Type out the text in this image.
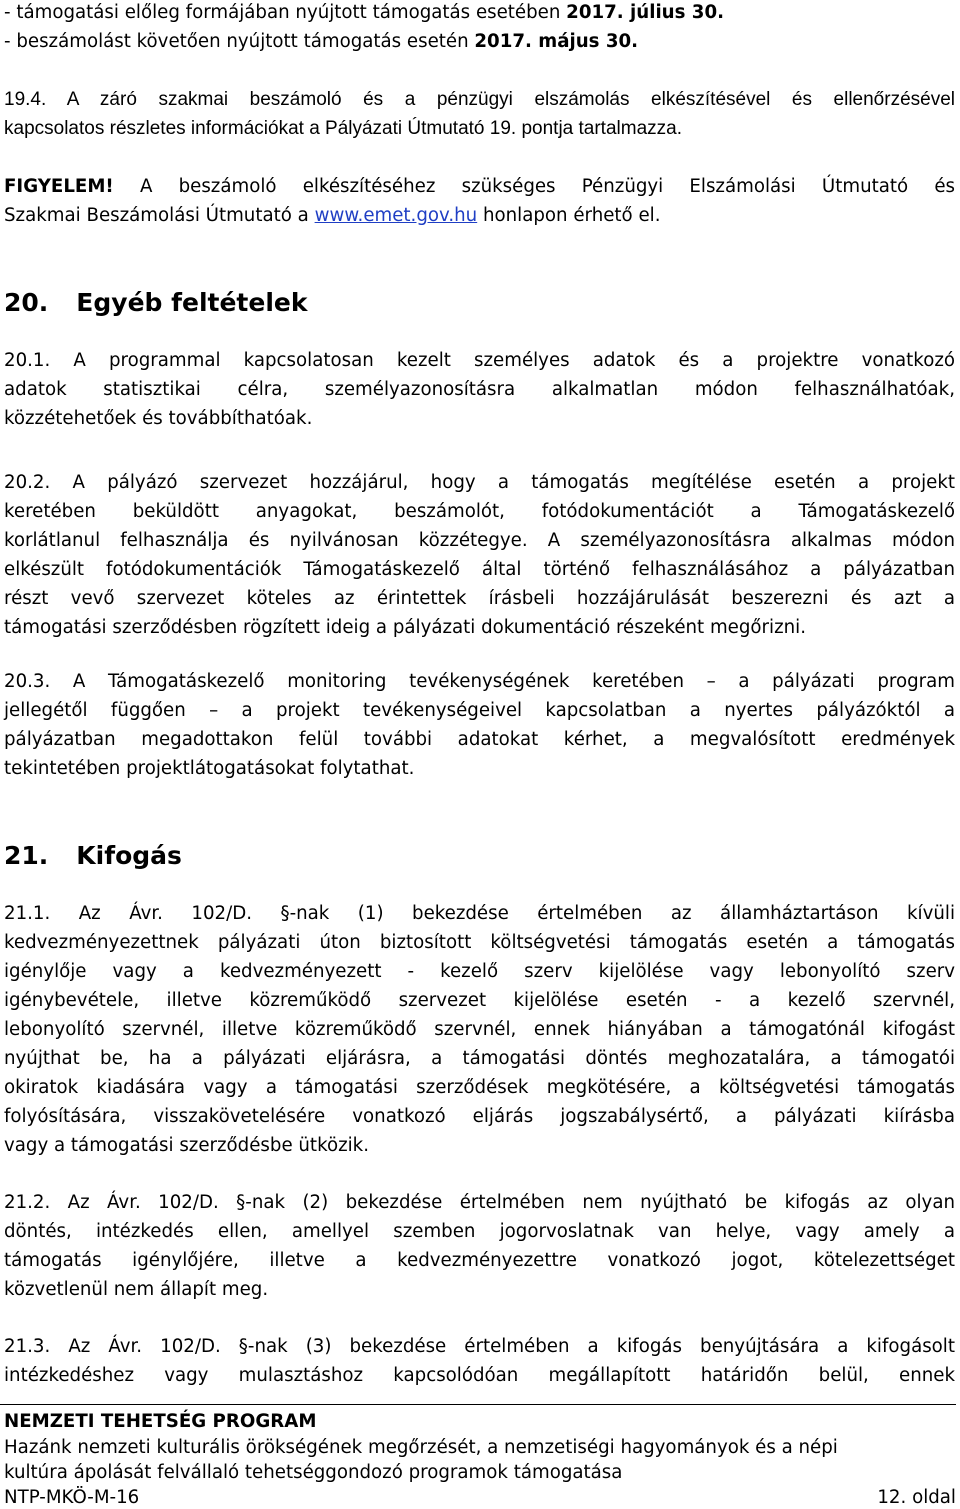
- támogatási előleg formájában nyújtott támogatás esetében 2017. július 30.
- beszámolást követően nyújtott támogatás esetén 2017. május 30.
19.4. A záró szakmai beszámoló és a pénzügyi elszámolás elkészítésével és ellenőrzésével
kapcsolatos részletes információkat a Pályázati Útmutató 19. pontja tartalmazza.
FIGYELEM! A beszámoló elkészítéséhez szükséges Pénzügyi Elszámolási Útmutató és
Szakmai Beszámolási Útmutató a www.emet.gov.hu honlapon érhető el.
20. Egyéb feltételek
20.1. A programmal kapcsolatosan kezelt személyes adatok és a projektre vonatkozó
adatok statisztikai célra, személyazonosításra alkalmatlan módon felhasználhatóak,
közzétehetőek és továbbíthatóak.
20.2. A pályázó szervezet hozzájárul, hogy a támogatás megítélése esetén a projekt
keretében beküldött anyagokat, beszámolót, fotódokumentációt a Támogatáskezelő
korlátlanul felhasználja és nyilvánosan közzétegye. A személyazonosításra alkalmas módon
elkészült fotódokumentációk Támogatáskezelő által történő felhasználásához a pályázatban
részt vevő szervezet köteles az érintettek írásbeli hozzájárulását beszerezni és azt a
támogatási szerződésben rögzített ideig a pályázati dokumentáció részeként megőrizni.
20.3. A Támogatáskezelő monitoring tevékenységének keretében – a pályázati program
jellegétől függően – a projekt tevékenységeivel kapcsolatban a nyertes pályázóktól a
pályázatban megadottakon felül további adatokat kérhet, a megvalósított eredmények
tekintetében projektlátogatásokat folytathat.
21. Kifogás
21.1. Az Ávr. 102/D. §-nak (1) bekezdése értelmében az államháztartáson kívüli
kedvezményezettnek pályázati úton biztosított költségvetési támogatás esetén a támogatás
igénylője vagy a kedvezményezett - kezelő szerv kijelölése vagy lebonyolító szerv
igénybevétele, illetve közreműködő szervezet kijelölése esetén - a kezelő szervnél,
lebonyolító szervnél, illetve közreműködő szervnél, ennek hiányában a támogatónál kifogást
nyújthat be, ha a pályázati eljárásra, a támogatási döntés meghozatalára, a támogatói
okiratok kiadására vagy a támogatási szerződések megkötésére, a költségvetési támogatás
folyósítására, visszakövetelésére vonatkozó eljárás jogszabálysértő, a pályázati kiírásba
vagy a támogatási szerződésbe ütközik.
21.2. Az Ávr. 102/D. §-nak (2) bekezdése értelmében nem nyújtható be kifogás az olyan
döntés, intézkedés ellen, amellyel szemben jogorvoslatnak van helye, vagy amely a
támogatás igénylőjére, illetve a kedvezményezettre vonatkozó jogot, kötelezettséget
közvetlenül nem állapít meg.
21.3. Az Ávr. 102/D. §-nak (3) bekezdése értelmében a kifogás benyújtására a kifogásolt
intézkedéshez vagy mulasztáshoz kapcsolódóan megállapított határidőn belül, ennek
NEMZETI TEHETSÉG PROGRAM
Hazánk nemzeti kulturális örökségének megőrzését, a nemzetiségi hagyományok és a népi
kultúra ápolását felvállaló tehetséggondozó programok támogatása
NTP-MKÖ-M-16	12. oldal
